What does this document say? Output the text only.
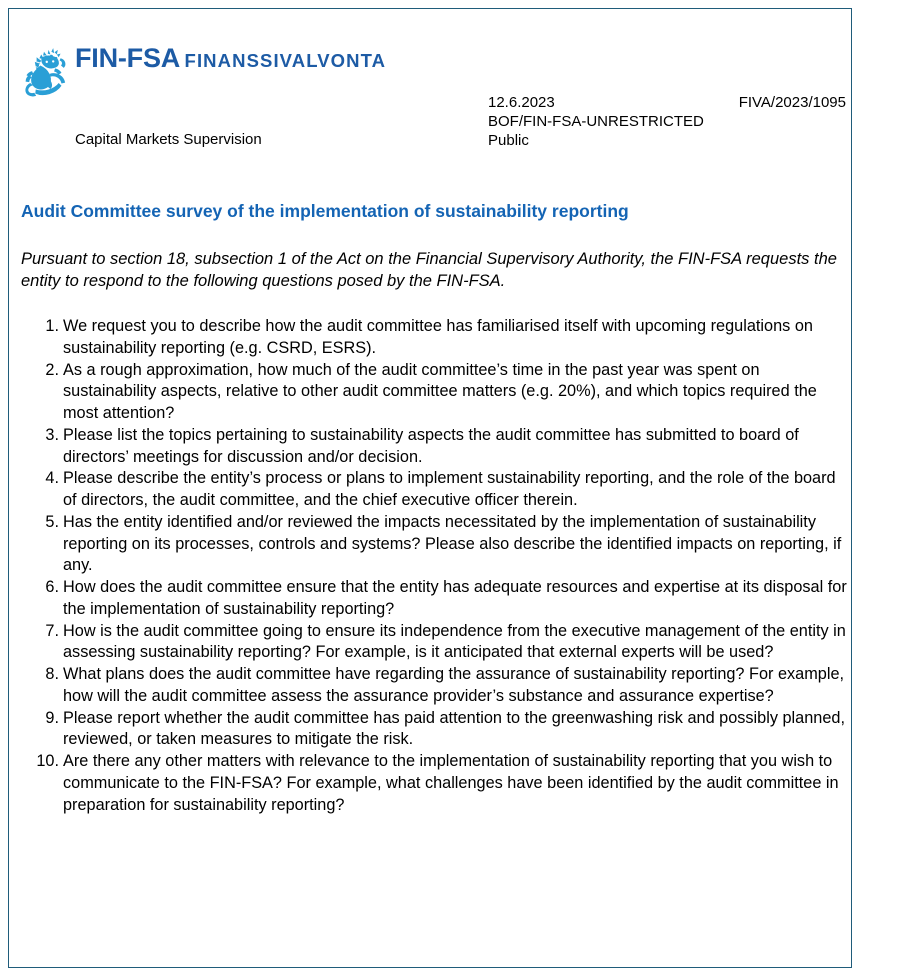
FIN-FSA FINANSSIVALVONTA
Capital Markets Supervision
12.6.2023	FIVA/2023/1095
BOF/FIN-FSA-UNRESTRICTED
Public
Audit Committee survey of the implementation of sustainability reporting
Pursuant to section 18, subsection 1 of the Act on the Financial Supervisory Authority, the FIN-FSA requests the entity to respond to the following questions posed by the FIN-FSA.
1. We request you to describe how the audit committee has familiarised itself with upcoming regulations on sustainability reporting (e.g. CSRD, ESRS).
2. As a rough approximation, how much of the audit committee’s time in the past year was spent on sustainability aspects, relative to other audit committee matters (e.g. 20%), and which topics required the most attention?
3. Please list the topics pertaining to sustainability aspects the audit committee has submitted to board of directors’ meetings for discussion and/or decision.
4. Please describe the entity’s process or plans to implement sustainability reporting, and the role of the board of directors, the audit committee, and the chief executive officer therein.
5. Has the entity identified and/or reviewed the impacts necessitated by the implementation of sustainability reporting on its processes, controls and systems? Please also describe the identified impacts on reporting, if any.
6. How does the audit committee ensure that the entity has adequate resources and expertise at its disposal for the implementation of sustainability reporting?
7. How is the audit committee going to ensure its independence from the executive management of the entity in assessing sustainability reporting? For example, is it anticipated that external experts will be used?
8. What plans does the audit committee have regarding the assurance of sustainability reporting? For example, how will the audit committee assess the assurance provider’s substance and assurance expertise?
9. Please report whether the audit committee has paid attention to the greenwashing risk and possibly planned, reviewed, or taken measures to mitigate the risk.
10. Are there any other matters with relevance to the implementation of sustainability reporting that you wish to communicate to the FIN-FSA? For example, what challenges have been identified by the audit committee in preparation for sustainability reporting?
